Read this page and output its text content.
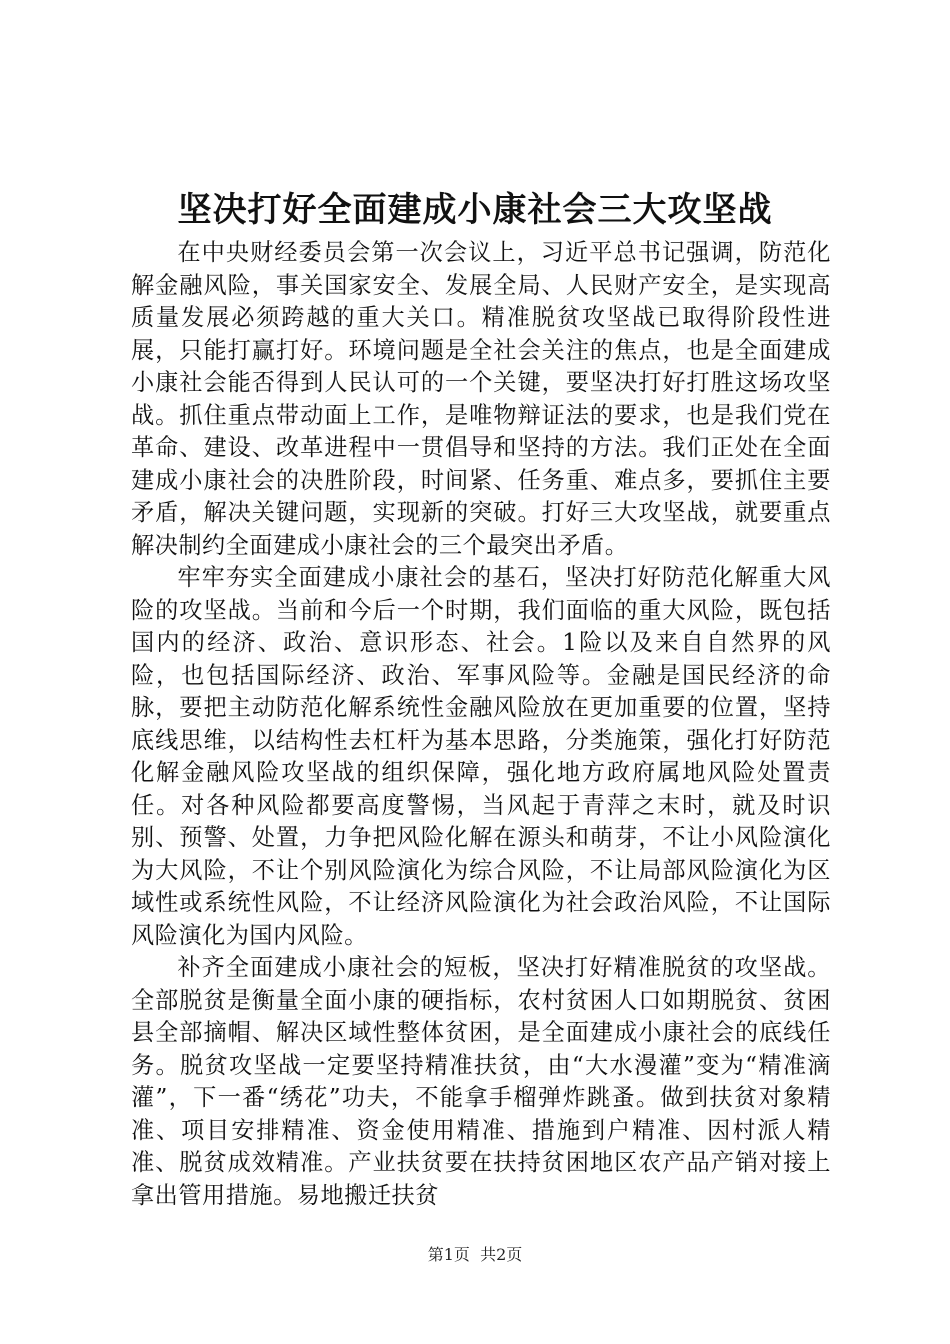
坚决打好全面建成小康社会三大攻坚战

在中央财经委员会第一次会议上，习近平总书记强调，防范化解金融风险，事关国家安全、发展全局、人民财产安全，是实现高质量发展必须跨越的重大关口。精准脱贫攻坚战已取得阶段性进展，只能打赢打好。环境问题是全社会关注的焦点，也是全面建成小康社会能否得到人民认可的一个关键，要坚决打好打胜这场攻坚战。抓住重点带动面上工作，是唯物辩证法的要求，也是我们党在革命、建设、改革进程中一贯倡导和坚持的方法。我们正处在全面建成小康社会的决胜阶段，时间紧、任务重、难点多，要抓住主要矛盾，解决关键问题，实现新的突破。打好三大攻坚战，就要重点解决制约全面建成小康社会的三个最突出矛盾。

牢牢夯实全面建成小康社会的基石，坚决打好防范化解重大风险的攻坚战。当前和今后一个时期，我们面临的重大风险，既包括国内的经济、政治、意识形态、社会。1险以及来自自然界的风险，也包括国际经济、政治、军事风险等。金融是国民经济的命脉，要把主动防范化解系统性金融风险放在更加重要的位置，坚持底线思维，以结构性去杠杆为基本思路，分类施策，强化打好防范化解金融风险攻坚战的组织保障，强化地方政府属地风险处置责任。对各种风险都要高度警惕，当风起于青萍之末时，就及时识别、预警、处置，力争把风险化解在源头和萌芽，不让小风险演化为大风险，不让个别风险演化为综合风险，不让局部风险演化为区域性或系统性风险，不让经济风险演化为社会政治风险，不让国际风险演化为国内风险。

补齐全面建成小康社会的短板，坚决打好精准脱贫的攻坚战。全部脱贫是衡量全面小康的硬指标，农村贫困人口如期脱贫、贫困县全部摘帽、解决区域性整体贫困，是全面建成小康社会的底线任务。脱贫攻坚战一定要坚持精准扶贫，由“大水漫灌”变为“精准滴灌”，下一番“绣花”功夫，不能拿手榴弹炸跳蚤。做到扶贫对象精准、项目安排精准、资金使用精准、措施到户精准、因村派人精准、脱贫成效精准。产业扶贫要在扶持贫困地区农产品产销对接上拿出管用措施。易地搬迁扶贫

第1页 共2页
